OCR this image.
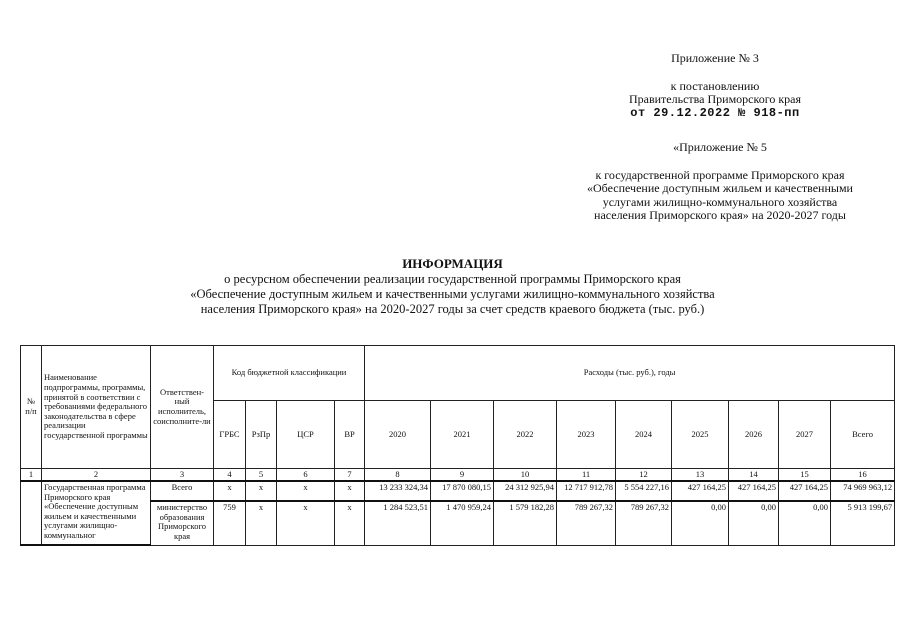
Приложение № 3
к постановлению
Правительства Приморского края
от 29.12.2022 № 918-пп
«Приложение № 5
к государственной программе Приморского края
«Обеспечение доступным жильем и качественными
услугами жилищно-коммунального хозяйства
населения Приморского края» на 2020-2027 годы
ИНФОРМАЦИЯ
о ресурсном обеспечении реализации государственной программы Приморского края
«Обеспечение доступным жильем и качественными услугами жилищно-коммунального хозяйства
населения Приморского края» на 2020-2027 годы за счет средств краевого бюджета (тыс. руб.)
№ п/п	Наименование подпрограммы, программы, принятой в соответствии с требованиями федерального законодательства в сфере реализации государственной программы	Ответствен-ный исполнитель, соисполните-ли	Код бюджетной классификации				Расходы (тыс. руб.), годы								
			ГРБС	РзПр	ЦСР	ВР	2020	2021	2022	2023	2024	2025	2026	2027	Всего
1	2	3	4	5	6	7	8	9	10	11	12	13	14	15	16
	Государственная программа Приморского края «Обеспечение доступным жильем и качественными услугами жилищно-коммунальног	Всего	х	х	х	х	13 233 324,34	17 870 080,15	24 312 925,94	12 717 912,78	5 554 227,16	427 164,25	427 164,25	427 164,25	74 969 963,12
		министерство образования Приморского края	759	х	х	х	1 284 523,51	1 470 959,24	1 579 182,28	789 267,32	789 267,32	0,00	0,00	0,00	5 913 199,67
